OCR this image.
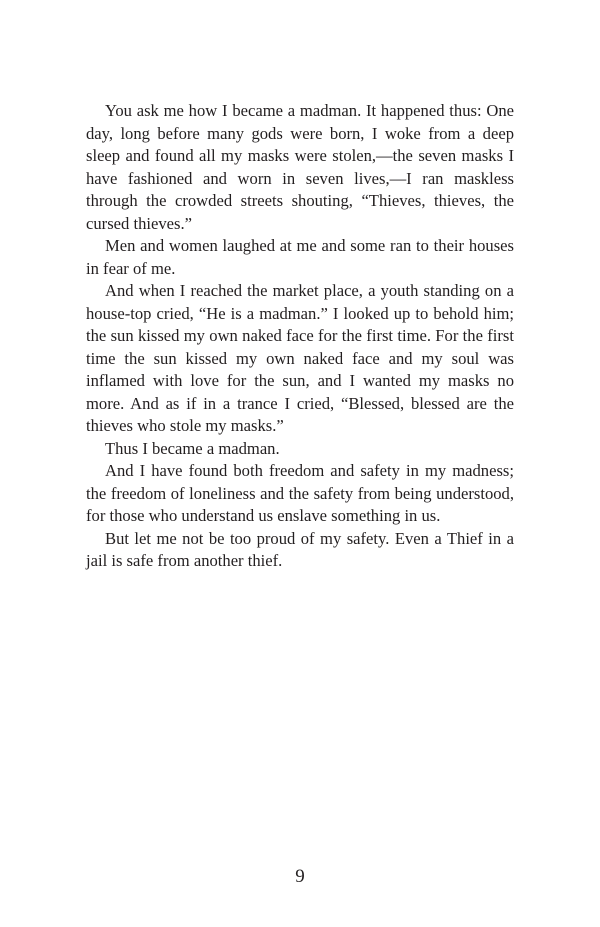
You ask me how I became a madman. It happened thus: One day, long before many gods were born, I woke from a deep sleep and found all my masks were stolen,—the seven masks I have fashioned and worn in seven lives,—I ran maskless through the crowded streets shouting, “Thieves, thieves, the cursed thieves.”

Men and women laughed at me and some ran to their houses in fear of me.

And when I reached the market place, a youth standing on a house-top cried, “He is a madman.” I looked up to behold him; the sun kissed my own naked face for the first time. For the first time the sun kissed my own naked face and my soul was inflamed with love for the sun, and I wanted my masks no more. And as if in a trance I cried, “Blessed, blessed are the thieves who stole my masks.”

Thus I became a madman.

And I have found both freedom and safety in my madness; the freedom of loneliness and the safety from being understood, for those who understand us enslave something in us.

But let me not be too proud of my safety. Even a Thief in a jail is safe from another thief.

9
